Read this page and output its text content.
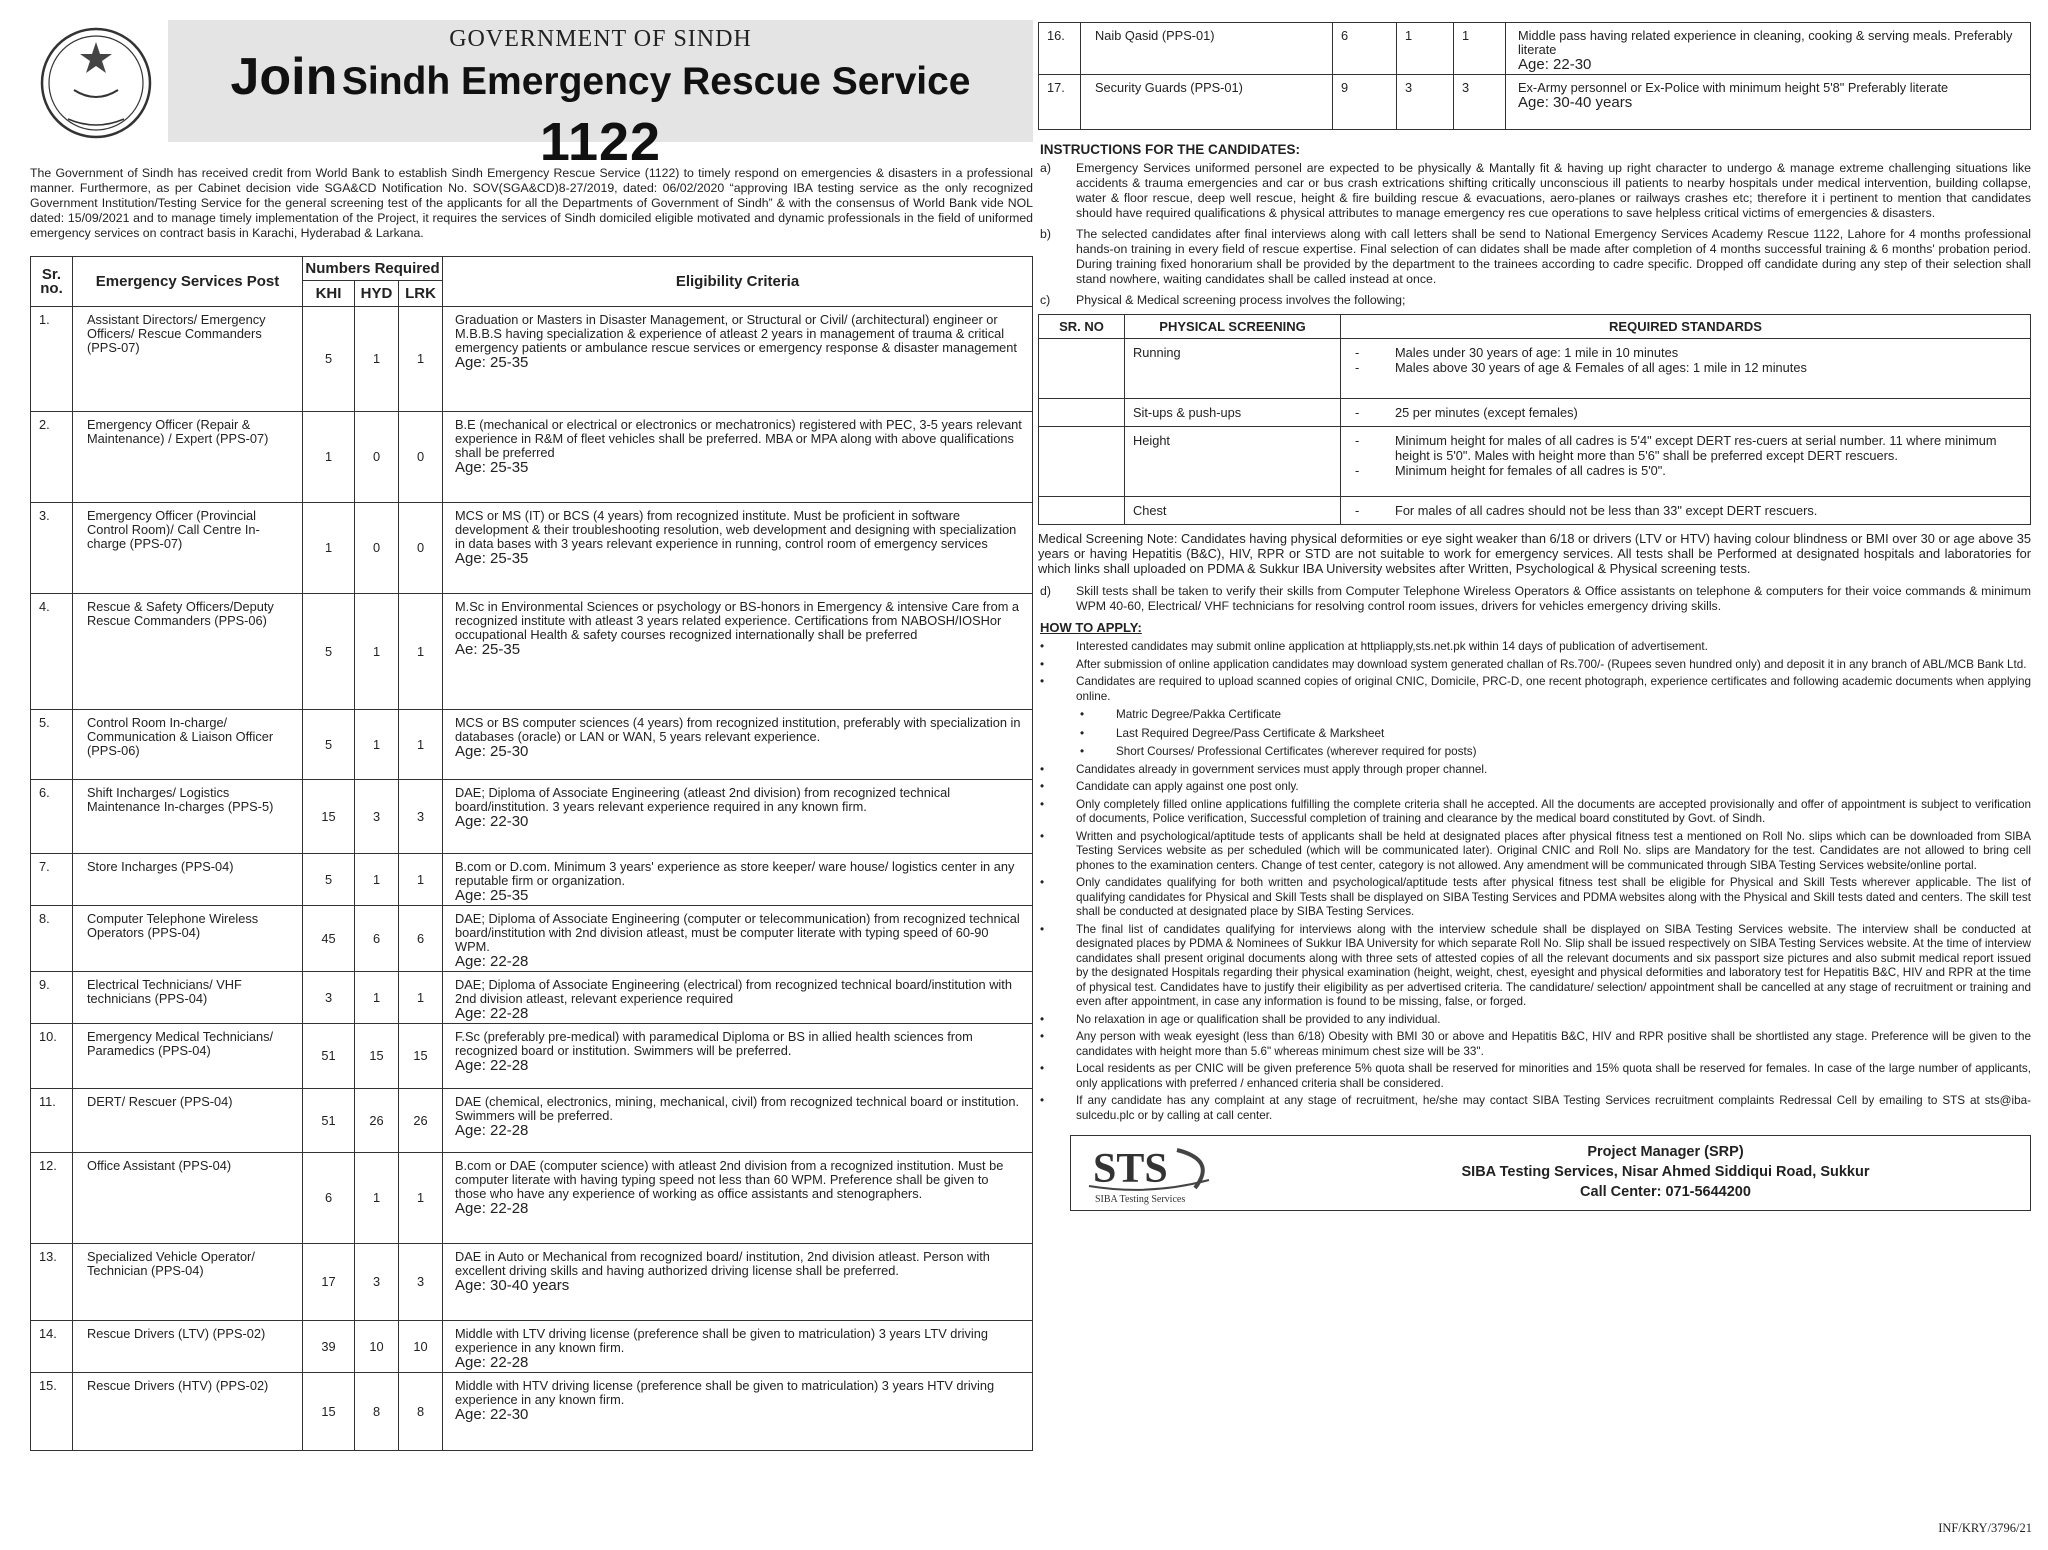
GOVERNMENT OF SINDH
Join Sindh Emergency Rescue Service
1122
The Government of Sindh has received credit from World Bank to establish Sindh Emergency Rescue Service (1122) to timely respond on emergencies & disasters in a professional manner. Furthermore, as per Cabinet decision vide SGA&CD Notification No. SOV(SGA&CD)8-27/2019, dated: 06/02/2020 “approving IBA testing service as the only recognized Government Institution/Testing Service for the general screening test of the applicants for all the Departments of Government of Sindh” & with the consensus of World Bank vide NOL dated: 15/09/2021 and to manage timely implementation of the Project, it requires the services of Sindh domiciled eligible motivated and dynamic professionals in the field of uniformed emergency services on contract basis in Karachi, Hyderabad & Larkana.
Sr. no.	Emergency Services Post	Numbers Required			Eligibility Criteria
		KHI	HYD	LRK	
1.	Assistant Directors/ Emergency Officers/ Rescue Commanders (PPS-07)	5	1	1	Graduation or Masters in Disaster Management, or Structural or Civil/ (architectural) engineer or M.B.B.S having specialization & experience of atleast 2 years in management of trauma & critical emergency patients or ambulance rescue services or emergency response & disaster management
Age: 25-35

2.	Emergency Officer (Repair & Maintenance) / Expert (PPS-07)	1	0	0	B.E (mechanical or electrical or electronics or mechatronics) registered with PEC, 3-5 years relevant experience in R&M of fleet vehicles shall be preferred. MBA or MPA along with above qualifications shall be preferred
Age: 25-35

3.	Emergency Officer (Provincial Control Room)/ Call Centre In- charge (PPS-07)	1	0	0	MCS or MS (IT) or BCS (4 years) from recognized institute. Must be proficient in software development & their troubleshooting resolution, web development and designing with specialization in data bases with 3 years relevant experience in running, control room of emergency services
Age: 25-35

4.	Rescue & Safety Officers/Deputy Rescue Commanders (PPS-06)	5	1	1	M.Sc in Environmental Sciences or psychology or BS-honors in Emergency & intensive Care from a recognized institute with atleast 3 years related experience. Certifications from NABOSH/IOSHor occupational Health & safety courses recognized internationally shall be preferred
Ae: 25-35

5.	Control Room In-charge/ Communication & Liaison Officer (PPS-06)	5	1	1	MCS or BS computer sciences (4 years) from recognized institution, preferably with specialization in databases (oracle) or LAN or WAN, 5 years relevant experience.
Age: 25-30

6.	Shift Incharges/ Logistics Maintenance In-charges (PPS-5)	15	3	3	DAE; Diploma of Associate Engineering (atleast 2nd division) from recognized technical board/institution. 3 years relevant experience required in any known firm.
Age: 22-30

7.	Store Incharges (PPS-04)	5	1	1	B.com or D.com. Minimum 3 years' experience as store keeper/ ware house/ logistics center in any reputable firm or organization.
Age: 25-35

8.	Computer Telephone Wireless Operators (PPS-04)	45	6	6	DAE; Diploma of Associate Engineering (computer or telecommunication) from recognized technical board/institution with 2nd division atleast, must be computer literate with typing speed of 60-90 WPM.
Age: 22-28

9.	Electrical Technicians/ VHF technicians (PPS-04)	3	1	1	DAE; Diploma of Associate Engineering (electrical) from recognized technical board/institution with 2nd division atleast, relevant experience required
Age: 22-28

10.	Emergency Medical Technicians/ Paramedics (PPS-04)	51	15	15	F.Sc (preferably pre-medical) with paramedical Diploma or BS in allied health sciences from recognized board or institution. Swimmers will be preferred.
Age: 22-28

11.	DERT/ Rescuer (PPS-04)	51	26	26	DAE (chemical, electronics, mining, mechanical, civil) from recognized technical board or institution. Swimmers will be preferred.
Age: 22-28

12.	Office Assistant (PPS-04)	6	1	1	B.com or DAE (computer science) with atleast 2nd division from a recognized institution. Must be computer literate with having typing speed not less than 60 WPM. Preference shall be given to those who have any experience of working as office assistants and stenographers.
Age: 22-28

13.	Specialized Vehicle Operator/ Technician (PPS-04)	17	3	3	DAE in Auto or Mechanical from recognized board/ institution, 2nd division atleast. Person with excellent driving skills and having authorized driving license shall be preferred.
Age: 30-40 years

14.	Rescue Drivers (LTV) (PPS-02)	39	10	10	Middle with LTV driving license (preference shall be given to matriculation) 3 years LTV driving experience in any known firm.
Age: 22-28

15.	Rescue Drivers (HTV) (PPS-02)	15	8	8	Middle with HTV driving license (preference shall be given to matriculation) 3 years HTV driving experience in any known firm.
Age: 22-30
16.	Naib Qasid (PPS-01)	6	1	1	Middle pass having related experience in cleaning, cooking & serving meals. Preferably literate
Age: 22-30

17.	Security Guards (PPS-01)	9	3	3	Ex-Army personnel or Ex-Police with minimum height 5'8" Preferably literate
Age: 30-40 years
INSTRUCTIONS FOR THE CANDIDATES:
a) Emergency Services uniformed personel are expected to be physically & Mantally fit & having up right character to undergo & manage extreme challenging situations like accidents & trauma emergencies and car or bus crash extrications shifting critically unconscious ill patients to nearby hospitals under medical intervention, building collapse, water & floor rescue, deep well rescue, height & fire building rescue & evacuations, aero-planes or railways crashes etc; therefore it i pertinent to mention that candidates should have required qualifications & physical attributes to manage emergency res cue operations to save helpless critical victims of emergencies & disasters.
b) The selected candidates after final interviews along with call letters shall be send to National Emergency Services Academy Rescue 1122, Lahore for 4 months professional hands-on training in every field of rescue expertise. Final selection of can didates shall be made after completion of 4 months successful training & 6 months' probation period. During training fixed honorarium shall be provided by the department to the trainees according to cadre specific. Dropped off candidate during any step of their selection shall stand nowhere, waiting candidates shall be called instead at once.
c) Physical & Medical screening process involves the following;
SR. NO	PHYSICAL SCREENING	REQUIRED STANDARDS
	Running	- Males under 30 years of age: 1 mile in 10 minutes
- Males above 30 years of age & Females of all ages: 1 mile in 12 minutes

	Sit-ups & push-ups	- 25 per minutes (except females)

	Height	- Minimum height for males of all cadres is 5'4" except DERT res-cuers at serial number. 11 where minimum height is 5'0". Males with height more than 5'6" shall be preferred except DERT rescuers.
- Minimum height for females of all cadres is 5'0".

	Chest	- For males of all cadres should not be less than 33" except DERT rescuers.
Medical Screening Note: Candidates having physical deformities or eye sight weaker than 6/18 or drivers (LTV or HTV) having colour blindness or BMI over 30 or age above 35 years or having Hepatitis (B&C), HIV, RPR or STD are not suitable to work for emergency services. All tests shall be Performed at designated hospitals and laboratories for which links shall uploaded on PDMA & Sukkur IBA University websites after Written, Psychological & Physical screening tests.
d) Skill tests shall be taken to verify their skills from Computer Telephone Wireless Operators & Office assistants on telephone & computers for their voice commands & minimum WPM 40-60, Electrical/ VHF technicians for resolving control room issues, drivers for vehicles emergency driving skills.
HOW TO APPLY:
• Interested candidates may submit online application at httpliapply,sts.net.pk within 14 days of publication of advertisement.
• After submission of online application candidates may download system generated challan of Rs.700/- (Rupees seven hundred only) and deposit it in any branch of ABL/MCB Bank Ltd.
• Candidates are required to upload scanned copies of original CNIC, Domicile, PRC-D, one recent photograph, experience certificates and following academic documents when applying online.
• Matric Degree/Pakka Certificate
• Last Required Degree/Pass Certificate & Marksheet
• Short Courses/ Professional Certificates (wherever required for posts)
• Candidates already in government services must apply through proper channel.
• Candidate can apply against one post only.
• Only completely filled online applications fulfilling the complete criteria shall he accepted. All the documents are accepted provisionally and offer of appointment is subject to verification of documents, Police verification, Successful completion of training and clearance by the medical board constituted by Govt. of Sindh.
• Written and psychological/aptitude tests of applicants shall be held at designated places after physical fitness test a mentioned on Roll No. slips which can be downloaded from SIBA Testing Services website as per scheduled (which will be communicated later). Original CNIC and Roll No. slips are Mandatory for the test. Candidates are not allowed to bring cell phones to the examination centers. Change of test center, category is not allowed. Any amendment will be communicated through SIBA Testing Services website/online portal.
• Only candidates qualifying for both written and psychological/aptitude tests after physical fitness test shall be eligible for Physical and Skill Tests wherever applicable. The list of qualifying candidates for Physical and Skill Tests shall be displayed on SIBA Testing Services and PDMA websites along with the Physical and Skill tests dated and centers. The skill test shall be conducted at designated place by SIBA Testing Services.
• The final list of candidates qualifying for interviews along with the interview schedule shall be displayed on SIBA Testing Services website. The interview shall be conducted at designated places by PDMA & Nominees of Sukkur IBA University for which separate Roll No. Slip shall be issued respectively on SIBA Testing Services website. At the time of interview candidates shall present original documents along with three sets of attested copies of all the relevant documents and six passport size pictures and also submit medical report issued by the designated Hospitals regarding their physical examination (height, weight, chest, eyesight and physical deformities and laboratory test for Hepatitis B&C, HIV and RPR at the time of physical test. Candidates have to justify their eligibility as per advertised criteria. The candidature/ selection/ appointment shall be cancelled at any stage of recruitment or training and even after appointment, in case any information is found to be missing, false, or forged.
• No relaxation in age or qualification shall be provided to any individual.
• Any person with weak eyesight (less than 6/18) Obesity with BMI 30 or above and Hepatitis B&C, HIV and RPR positive shall be shortlisted any stage. Preference will be given to the candidates with height more than 5.6" whereas minimum chest size will be 33".
• Local residents as per CNIC will be given preference 5% quota shall be reserved for minorities and 15% quota shall be reserved for females. In case of the large number of applicants, only applications with preferred / enhanced criteria shall be considered.
• If any candidate has any complaint at any stage of recruitment, he/she may contact SIBA Testing Services recruitment complaints Redressal Cell by emailing to STS at sts@iba-sulcedu.plc or by calling at call center.
STS
SIBA Testing Services
Project Manager (SRP)
SIBA Testing Services, Nisar Ahmed Siddiqui Road, Sukkur
Call Center: 071-5644200
INF/KRY/3796/21
